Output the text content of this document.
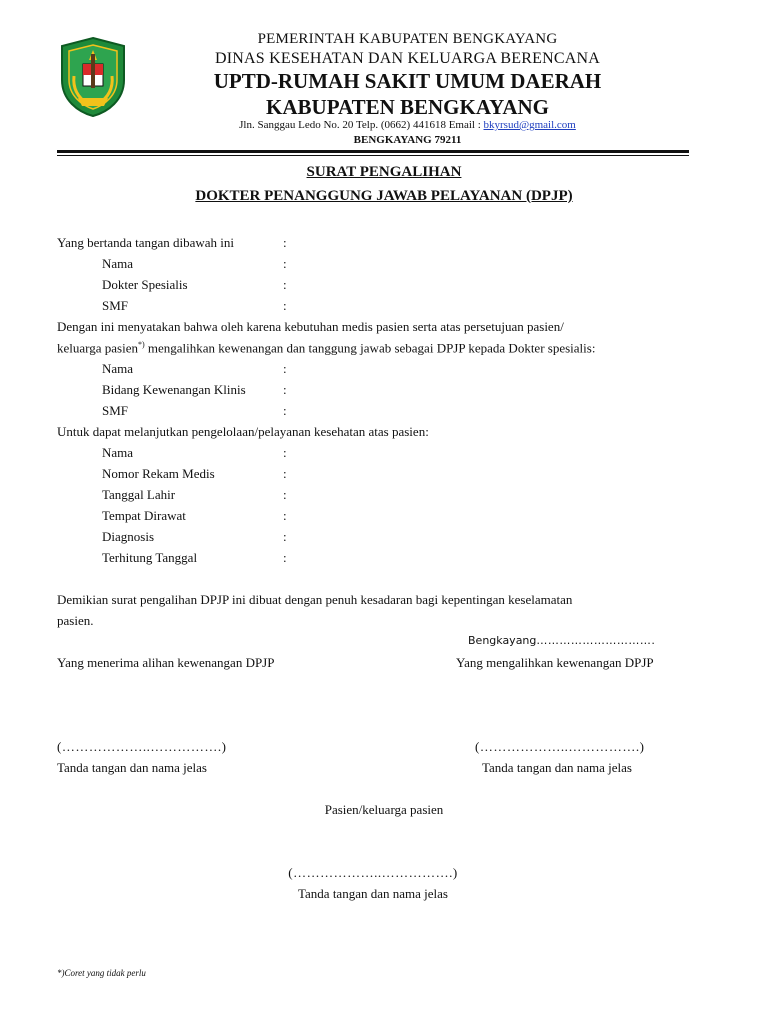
PEMERINTAH KABUPATEN BENGKAYANG
DINAS KESEHATAN DAN KELUARGA BERENCANA
UPTD-RUMAH SAKIT UMUM DAERAH
KABUPATEN BENGKAYANG
Jln. Sanggau Ledo No. 20 Telp. (0662) 441618 Email : bkyrsud@gmail.com
BENGKAYANG 79211
SURAT PENGALIHAN
DOKTER PENANGGUNG JAWAB PELAYANAN (DPJP)
Yang bertanda tangan dibawah ini	:
Nama	:
Dokter Spesialis	:
SMF	:
Dengan ini menyatakan bahwa oleh karena kebutuhan medis pasien serta atas persetujuan pasien/
keluarga pasien*) mengalihkan kewenangan dan tanggung jawab sebagai DPJP kepada Dokter spesialis:
Nama	:
Bidang Kewenangan Klinis	:
SMF	:
Untuk dapat melanjutkan pengelolaan/pelayanan kesehatan atas pasien:
Nama	:
Nomor Rekam Medis	:
Tanggal Lahir	:
Tempat Dirawat	:
Diagnosis	:
Terhitung Tanggal	:
Demikian surat pengalihan DPJP ini dibuat dengan penuh kesadaran bagi kepentingan keselamatan
pasien.
Bengkayang………………………….
Yang menerima alihan kewenangan DPJP	Yang mengalihkan kewenangan DPJP
(………………..…………….)	(………………..…………….)
Tanda tangan dan nama jelas	Tanda tangan dan nama jelas
Pasien/keluarga pasien
(………………..…………….)
Tanda tangan dan nama jelas
*)Coret yang tidak perlu
